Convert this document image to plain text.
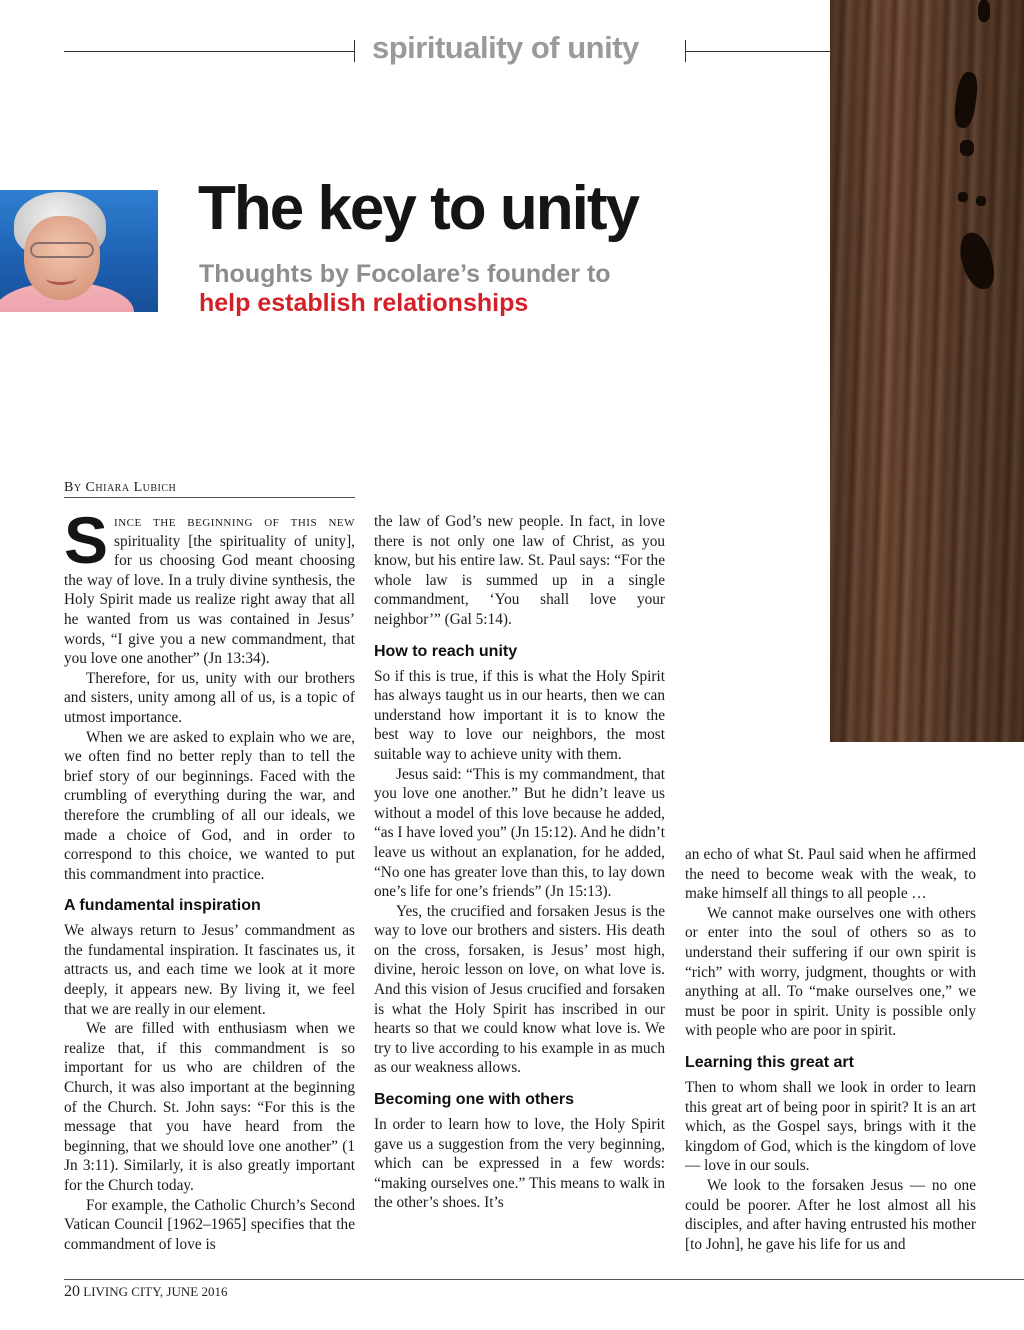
spirituality of unity
The key to unity
Thoughts by Focolare’s founder to
help establish relationships
By Chiara Lubich

Since the beginning of this new spirituality [the spirituality of unity], for us choosing God meant choosing the way of love. In a truly divine synthesis, the Holy Spirit made us realize right away that all he wanted from us was contained in Jesus’ words, “I give you a new commandment, that you love one another” (Jn 13:34).

Therefore, for us, unity with our brothers and sisters, unity among all of us, is a topic of utmost importance.

When we are asked to explain who we are, we often find no better reply than to tell the brief story of our beginnings. Faced with the crumbling of everything during the war, and therefore the crumbling of all our ideals, we made a choice of God, and in order to correspond to this choice, we wanted to put this commandment into practice.

A fundamental inspiration

We always return to Jesus’ commandment as the fundamental inspiration. It fascinates us, it attracts us, and each time we look at it more deeply, it appears new. By living it, we feel that we are really in our element.

We are filled with enthusiasm when we realize that, if this commandment is so important for us who are children of the Church, it was also important at the beginning of the Church. St. John says: “For this is the message that you have heard from the beginning, that we should love one another” (1 Jn 3:11). Similarly, it is also greatly important for the Church today.

For example, the Catholic Church’s Second Vatican Council [1962–1965] specifies that the commandment of love is

the law of God’s new people. In fact, in love there is not only one law of Christ, as you know, but his entire law. St. Paul says: “For the whole law is summed up in a single commandment, ‘You shall love your neighbor’” (Gal 5:14).

How to reach unity

So if this is true, if this is what the Holy Spirit has always taught us in our hearts, then we can understand how important it is to know the best way to love our neighbors, the most suitable way to achieve unity with them.

Jesus said: “This is my commandment, that you love one another.” But he didn’t leave us without a model of this love because he added, “as I have loved you” (Jn 15:12). And he didn’t leave us without an explanation, for he added, “No one has greater love than this, to lay down one’s life for one’s friends” (Jn 15:13).

Yes, the crucified and forsaken Jesus is the way to love our brothers and sisters. His death on the cross, forsaken, is Jesus’ most high, divine, heroic lesson on love, on what love is. And this vision of Jesus crucified and forsaken is what the Holy Spirit has inscribed in our hearts so that we could know what love is. We try to live according to his example in as much as our weakness allows.

Becoming one with others

In order to learn how to love, the Holy Spirit gave us a suggestion from the very beginning, which can be expressed in a few words: “making ourselves one.” This means to walk in the other’s shoes. It’s

an echo of what St. Paul said when he affirmed the need to become weak with the weak, to make himself all things to all people …

We cannot make ourselves one with others or enter into the soul of others so as to understand their suffering if our own spirit is “rich” with worry, judgment, thoughts or with anything at all. To “make ourselves one,” we must be poor in spirit. Unity is possible only with people who are poor in spirit.

Learning this great art

Then to whom shall we look in order to learn this great art of being poor in spirit? It is an art which, as the Gospel says, brings with it the kingdom of God, which is the kingdom of love — love in our souls.

We look to the forsaken Jesus — no one could be poorer. After he lost almost all his disciples, and after having entrusted his mother [to John], he gave his life for us and

20 LIVING CITY, JUNE 2016
